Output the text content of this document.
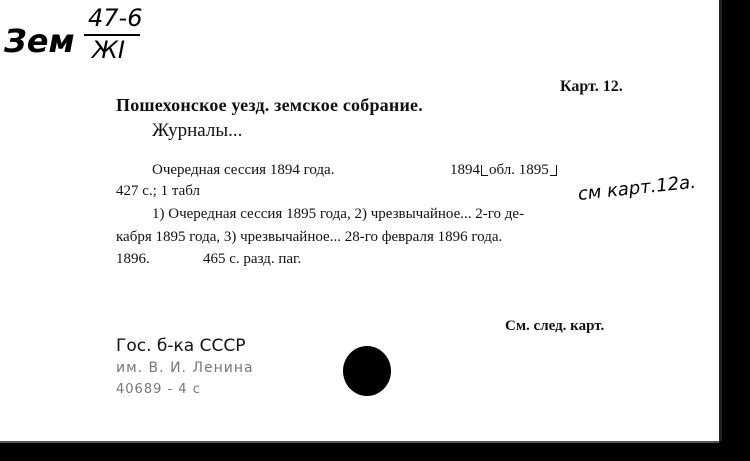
Зем
47-6
ЖI
Карт. 12.
Пошехонское уезд. земское собрание.
Журналы...
Очередная сессия 1894 года.	1894 обл. 1895
427 с.; 1 табл	см карт.12а.
1) Очередная сессия 1895 года, 2) чрезвычайное... 2-го де-
кабря 1895 года, 3) чрезвычайное... 28-го февраля 1896 года.
1896.	465 с. разд. паг.
См. след. карт.
Гос. б-ка СССР
им. В. И. Ленина
40689 - 4 с
